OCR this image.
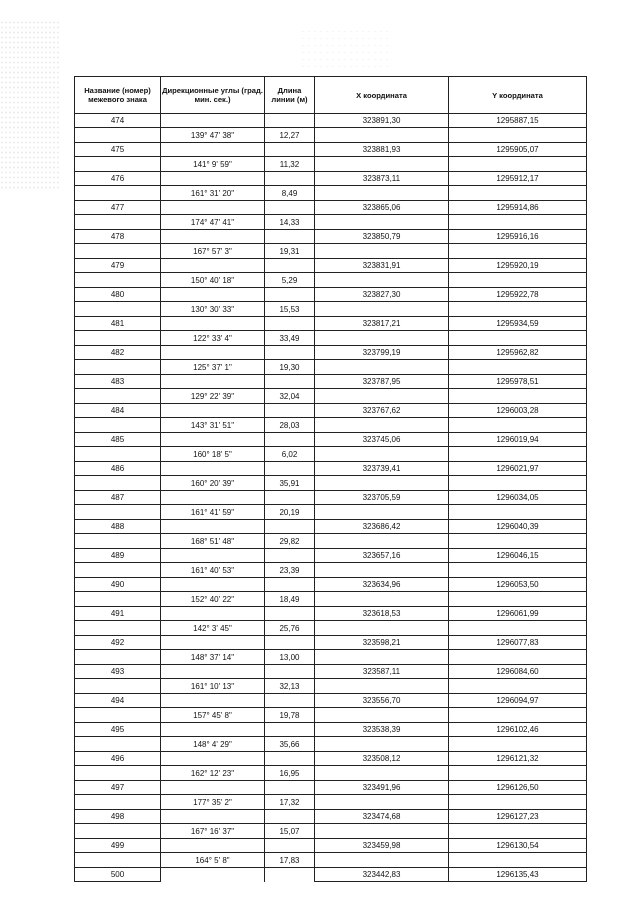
Название (номер) межевого знака	Дирекционные углы (град. мин. сек.)	Длина линии (м)	X координата	Y координата
474			323891,30	1295887,15
	139° 47' 38"	12,27		
475			323881,93	1295905,07
	141° 9' 59"	11,32		
476			323873,11	1295912,17
	161° 31' 20"	8,49		
477			323865,06	1295914,86
	174° 47' 41"	14,33		
478			323850,79	1295916,16
	167° 57' 3"	19,31		
479			323831,91	1295920,19
	150° 40' 18"	5,29		
480			323827,30	1295922,78
	130° 30' 33"	15,53		
481			323817,21	1295934,59
	122° 33' 4"	33,49		
482			323799,19	1295962,82
	125° 37' 1"	19,30		
483			323787,95	1295978,51
	129° 22' 39"	32,04		
484			323767,62	1296003,28
	143° 31' 51"	28,03		
485			323745,06	1296019,94
	160° 18' 5"	6,02		
486			323739,41	1296021,97
	160° 20' 39"	35,91		
487			323705,59	1296034,05
	161° 41' 59"	20,19		
488			323686,42	1296040,39
	168° 51' 48"	29,82		
489			323657,16	1296046,15
	161° 40' 53"	23,39		
490			323634,96	1296053,50
	152° 40' 22"	18,49		
491			323618,53	1296061,99
	142° 3' 45"	25,76		
492			323598,21	1296077,83
	148° 37' 14"	13,00		
493			323587,11	1296084,60
	161° 10' 13"	32,13		
494			323556,70	1296094,97
	157° 45' 8"	19,78		
495			323538,39	1296102,46
	148° 4' 29"	35,66		
496			323508,12	1296121,32
	162° 12' 23"	16,95		
497			323491,96	1296126,50
	177° 35' 2"	17,32		
498			323474,68	1296127,23
	167° 16' 37"	15,07		
499			323459,98	1296130,54
	164° 5' 8"	17,83		
500			323442,83	1296135,43
